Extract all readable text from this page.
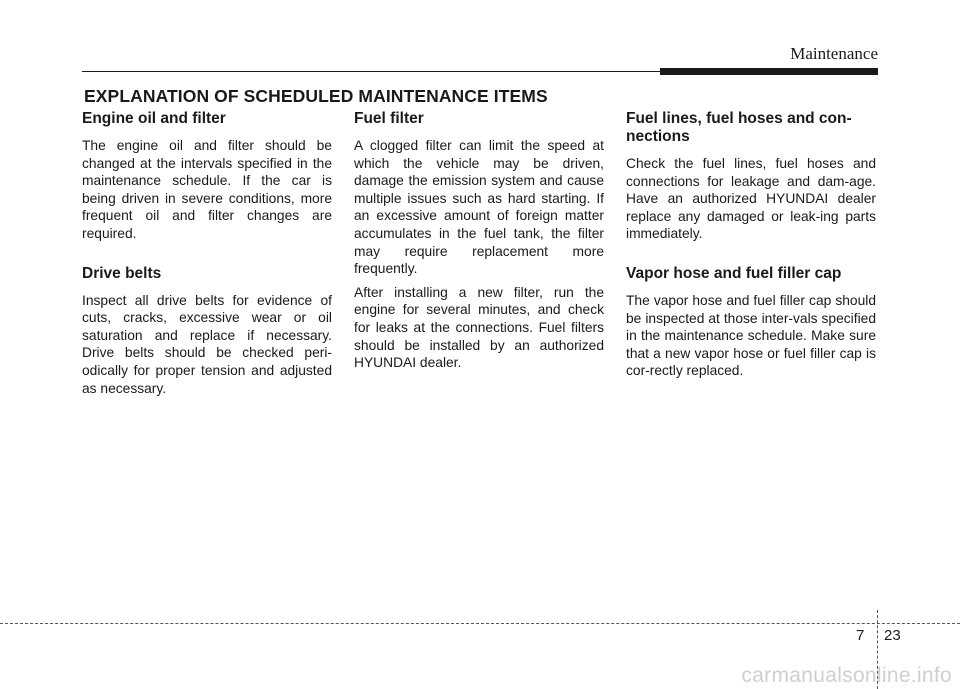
Maintenance
EXPLANATION OF SCHEDULED MAINTENANCE ITEMS
Engine oil and filter

The engine oil and filter should be changed at the intervals specified in the maintenance schedule. If the car is being driven in severe conditions, more frequent oil and filter changes are required.

Drive belts

Inspect all drive belts for evidence of cuts, cracks, excessive wear or oil saturation and replace if necessary. Drive belts should be checked peri-odically for proper tension and adjusted as necessary.

Fuel filter

A clogged filter can limit the speed at which the vehicle may be driven, damage the emission system and cause multiple issues such as hard starting. If an excessive amount of foreign matter accumulates in the fuel tank, the filter may require replacement more frequently.

After installing a new filter, run the engine for several minutes, and check for leaks at the connections. Fuel filters should be installed by an authorized HYUNDAI dealer.

Fuel lines, fuel hoses and con-nections

Check the fuel lines, fuel hoses and connections for leakage and dam-age. Have an authorized HYUNDAI dealer replace any damaged or leak-ing parts immediately.

Vapor hose and fuel filler cap

The vapor hose and fuel filler cap should be inspected at those inter-vals specified in the maintenance schedule. Make sure that a new vapor hose or fuel filler cap is cor-rectly replaced.

7 23
carmanualsonline.info
